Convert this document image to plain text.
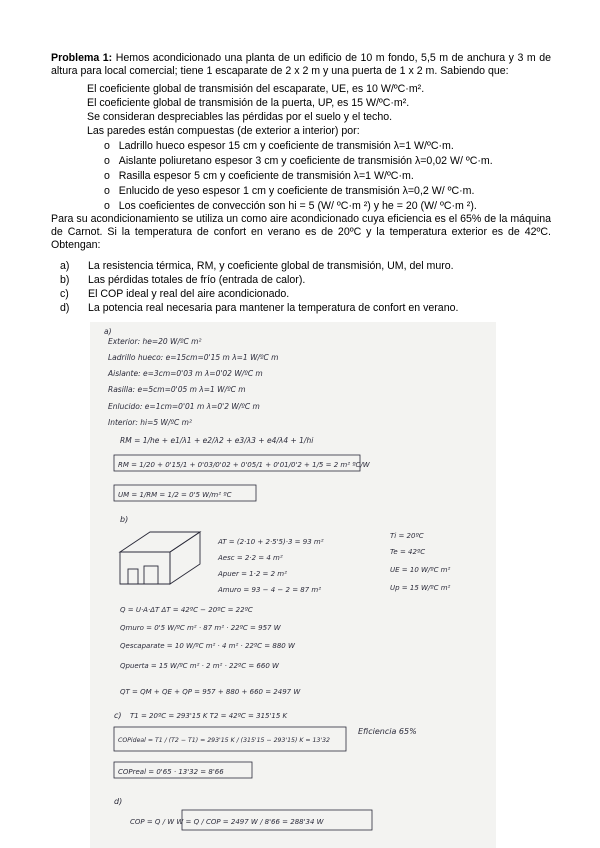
Problema 1: Hemos acondicionado una planta de un edificio de 10 m fondo, 5,5 m de anchura y 3 m de altura para local comercial; tiene 1 escaparate de 2 x 2 m y una puerta de 1 x 2 m. Sabiendo que:
El coeficiente global de transmisión del escaparate, UE, es 10 W/ºC·m².
El coeficiente global de transmisión de la puerta, UP, es 15 W/ºC·m².
Se consideran despreciables las pérdidas por el suelo y el techo.
Las paredes están compuestas (de exterior a interior) por:
o Ladrillo hueco espesor 15 cm y coeficiente de transmisión λ=1 W/ºC·m.
o Aislante poliuretano espesor 3 cm y coeficiente de transmisión λ=0,02 W/ ºC·m.
o Rasilla espesor 5 cm y coeficiente de transmisión λ=1 W/ºC·m.
o Enlucido de yeso espesor 1 cm y coeficiente de transmisión λ=0,2 W/ ºC·m.
o Los coeficientes de convección son hi = 5 (W/ ºC·m ²) y he = 20 (W/ ºC·m ²).
Para su acondicionamiento se utiliza un como aire acondicionado cuya eficiencia es el 65% de la máquina de Carnot. Si la temperatura de confort en verano es de 20ºC y la temperatura exterior es de 42ºC. Obtengan:
a) La resistencia térmica, RM, y coeficiente global de transmisión, UM, del muro.
b) Las pérdidas totales de frío (entrada de calor).
c) El COP ideal y real del aire acondicionado.
d) La potencia real necesaria para mantener la temperatura de confort en verano.
a)
Exterior: he=20 W/ºC m²
Ladrillo hueco: e=15cm=0'15 m λ=1 W/ºC m
Aislante: e=3cm=0'03 m λ=0'02 W/ºC m
Rasilla: e=5cm=0'05 m λ=1 W/ºC m
Enlucido: e=1cm=0'01 m λ=0'2 W/ºC m
Interior: hi=5 W/ºC m²
RM = 1/he + e1/λ1 + e2/λ2 + e3/λ3 + e4/λ4 + 1/hi
RM = 1/20 + 0'15/1 + 0'03/0'02 + 0'05/1 + 0'01/0'2 + 1/5 = 2 m² ºC/W
UM = 1/RM = 1/2 = 0'5 W/m² ºC
b)
AT = (2·10 + 2·5'5)·3 = 93 m²
Aesc = 2·2 = 4 m²
Apuer = 1·2 = 2 m²
Amuro = 93 − 4 − 2 = 87 m²
Ti = 20ºC
Te = 42ºC
UE = 10 W/ºC m²
Up = 15 W/ºC m²
Q = U·A·ΔT ΔT = 42ºC − 20ºC = 22ºC
Qmuro = 0'5 W/ºC m² · 87 m² · 22ºC = 957 W
Qescaparate = 10 W/ºC m² · 4 m² · 22ºC = 880 W
Qpuerta = 15 W/ºC m² · 2 m² · 22ºC = 660 W
QT = QM + QE + QP = 957 + 880 + 660 = 2497 W
c) T1 = 20ºC = 293'15 K T2 = 42ºC = 315'15 K
COPideal = T1 / (T2 − T1) = 293'15 K / (315'15 − 293'15) K = 13'32
Eficiencia 65%
COPreal = 0'65 · 13'32 = 8'66
d)
COP = Q / W W = Q / COP = 2497 W / 8'66 = 288'34 W
